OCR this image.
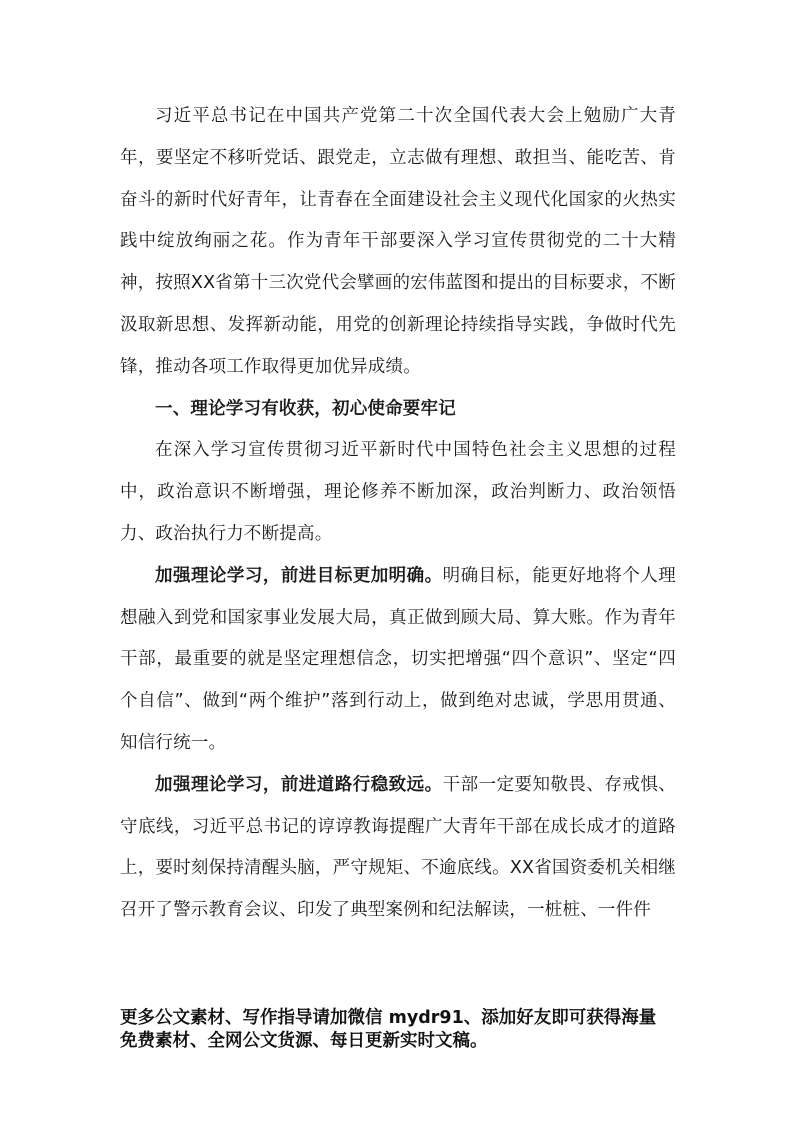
习近平总书记在中国共产党第二十次全国代表大会上勉励广大青年，要坚定不移听党话、跟党走，立志做有理想、敢担当、能吃苦、肯奋斗的新时代好青年，让青春在全面建设社会主义现代化国家的火热实践中绽放绚丽之花。作为青年干部要深入学习宣传贯彻党的二十大精神，按照XX省第十三次党代会擘画的宏伟蓝图和提出的目标要求，不断汲取新思想、发挥新动能，用党的创新理论持续指导实践，争做时代先锋，推动各项工作取得更加优异成绩。

一、理论学习有收获，初心使命要牢记

在深入学习宣传贯彻习近平新时代中国特色社会主义思想的过程中，政治意识不断增强，理论修养不断加深，政治判断力、政治领悟力、政治执行力不断提高。

加强理论学习，前进目标更加明确。明确目标，能更好地将个人理想融入到党和国家事业发展大局，真正做到顾大局、算大账。作为青年干部，最重要的就是坚定理想信念，切实把增强“四个意识”、坚定“四个自信”、做到“两个维护”落到行动上，做到绝对忠诚，学思用贯通、知信行统一。

加强理论学习，前进道路行稳致远。干部一定要知敬畏、存戒惧、守底线，习近平总书记的谆谆教诲提醒广大青年干部在成长成才的道路上，要时刻保持清醒头脑，严守规矩、不逾底线。XX省国资委机关相继召开了警示教育会议、印发了典型案例和纪法解读，一桩桩、一件件

更多公文素材、写作指导请加微信 mydr91、添加好友即可获得海量

免费素材、全网公文货源、每日更新实时文稿。
